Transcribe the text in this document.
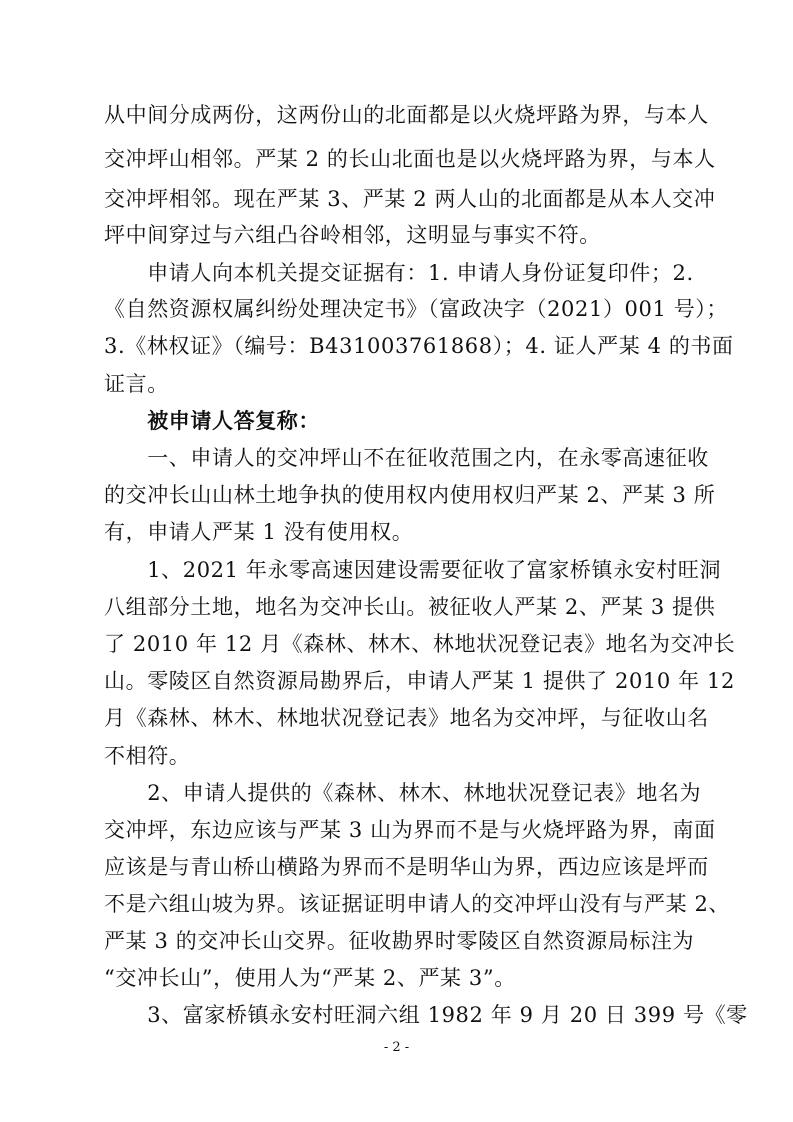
从中间分成两份，这两份山的北面都是以火烧坪路为界，与本人
交冲坪山相邻。严某 2 的长山北面也是以火烧坪路为界，与本人
交冲坪相邻。现在严某 3、严某 2 两人山的北面都是从本人交冲
坪中间穿过与六组凸谷岭相邻，这明显与事实不符。
　　申请人向本机关提交证据有：1. 申请人身份证复印件；2.
《自然资源权属纠纷处理决定书》（富政决字（2021）001 号）；
3.《林权证》（编号：B431003761868）；4. 证人严某 4 的书面
证言。
　　被申请人答复称：
　　一、申请人的交冲坪山不在征收范围之内，在永零高速征收
的交冲长山山林土地争执的使用权内使用权归严某 2、严某 3 所
有，申请人严某 1 没有使用权。
　　1、2021 年永零高速因建设需要征收了富家桥镇永安村旺洞
八组部分土地，地名为交冲长山。被征收人严某 2、严某 3 提供
了 2010 年 12 月《森林、林木、林地状况登记表》地名为交冲长
山。零陵区自然资源局勘界后，申请人严某 1 提供了 2010 年 12
月《森林、林木、林地状况登记表》地名为交冲坪，与征收山名
不相符。
　　2、申请人提供的《森林、林木、林地状况登记表》地名为
交冲坪，东边应该与严某 3 山为界而不是与火烧坪路为界，南面
应该是与青山桥山横路为界而不是明华山为界，西边应该是坪而
不是六组山坡为界。该证据证明申请人的交冲坪山没有与严某 2、
严某 3 的交冲长山交界。征收勘界时零陵区自然资源局标注为
“交冲长山”，使用人为“严某 2、严某 3”。
　　3、富家桥镇永安村旺洞六组 1982 年 9 月 20 日 399 号《零
- 2 -
